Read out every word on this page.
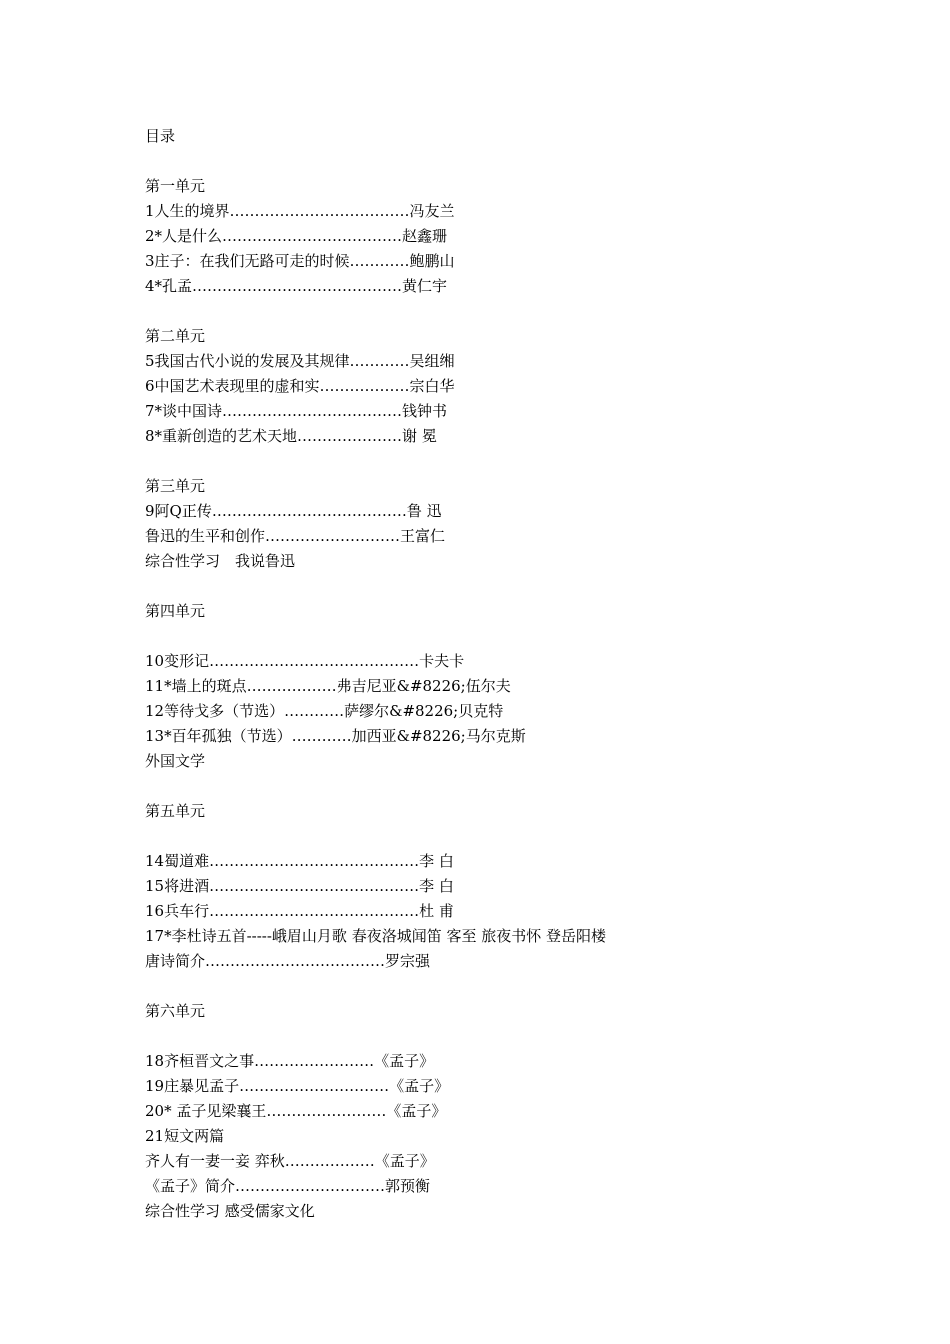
目录
第一单元
1人生的境界………………………………冯友兰
2*人是什么………………………………赵鑫珊
3庄子：在我们无路可走的时候…………鲍鹏山
4*孔孟……………………………………黄仁宇
第二单元
5我国古代小说的发展及其规律…………吴组缃
6中国艺术表现里的虚和实………………宗白华
7*谈中国诗………………………………钱钟书
8*重新创造的艺术天地…………………谢 冕
第三单元
9阿Q正传…………………………………鲁 迅
鲁迅的生平和创作………………………王富仁
综合性学习　我说鲁迅
第四单元
10变形记……………………………………卡夫卡
11*墙上的斑点………………弗吉尼亚&#8226;伍尔夫
12等待戈多（节选）…………萨缪尔&#8226;贝克特
13*百年孤独（节选）…………加西亚&#8226;马尔克斯
外国文学
第五单元
14蜀道难……………………………………李 白
15将进酒……………………………………李 白
16兵车行……………………………………杜 甫
17*李杜诗五首-----峨眉山月歌 春夜洛城闻笛 客至 旅夜书怀 登岳阳楼
唐诗简介………………………………罗宗强
第六单元
18齐桓晋文之事……………………《孟子》
19庄暴见孟子…………………………《孟子》
20* 孟子见梁襄王……………………《孟子》
21短文两篇
齐人有一妻一妾 弈秋………………《孟子》
《孟子》简介…………………………郭预衡
综合性学习 感受儒家文化
